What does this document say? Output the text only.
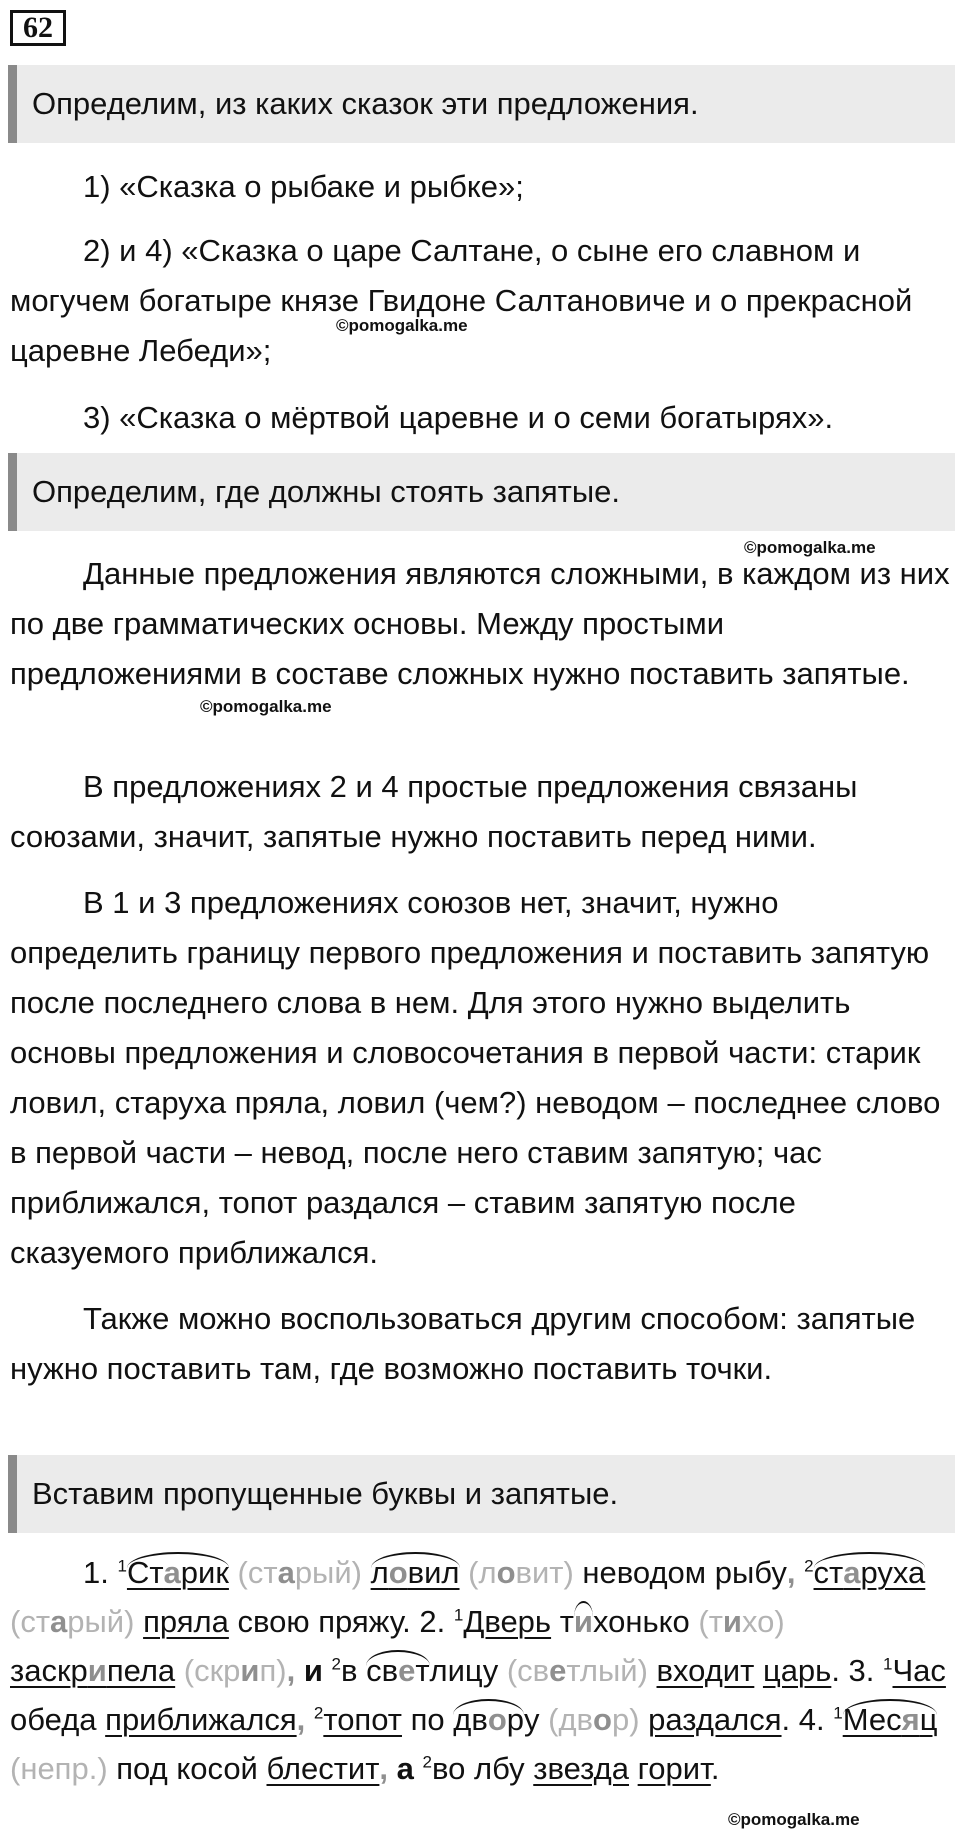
62
Определим, из каких сказок эти предложения.

1) «Сказка о рыбаке и рыбке»;

2) и 4) «Сказка о царе Салтане, о сыне его славном и могучем богатыре князе Гвидоне Салтановиче и о прекрасной царевне Лебеди»;

©pomogalka.me

3) «Сказка о мёртвой царевне и о семи богатырях».

Определим, где должны стоять запятые.
©pomogalka.me

Данные предложения являются сложными, в каждом из них по две грамматических основы. Между простыми предложениями в составе сложных нужно поставить запятые.

©pomogalka.me

В предложениях 2 и 4 простые предложения связаны союзами, значит, запятые нужно поставить перед ними.

В 1 и 3 предложениях союзов нет, значит, нужно определить границу первого предложения и поставить запятую после последнего слова в нем. Для этого нужно выделить основы предложения и словосочетания в первой части: старик ловил, старуха пряла, ловил (чем?) неводом – последнее слово в первой части – невод, после него ставим запятую; час приближался, топот раздался – ставим запятую после сказуемого приближался.

Также можно воспользоваться другим способом: запятые нужно поставить там, где возможно поставить точки.

Вставим пропущенные буквы и запятые.

1. $^1$Старик (старый) ловил (ловит) неводом рыбу, $^2$старуха
(старый) пряла свою пряжу. 2. $^1$Дверь ти
хонько (тихо) заскрипела (скрип), и $^2$в свет
лицу (светлый) входит царь. 3. $^1$Час обеда приближался, $^2$топот по двор
у (двор) раздался. 4. $^1$Месяц
(непр.) под косой блестит, а $^2$во лбу звезда горит.

©pomogalka.me
